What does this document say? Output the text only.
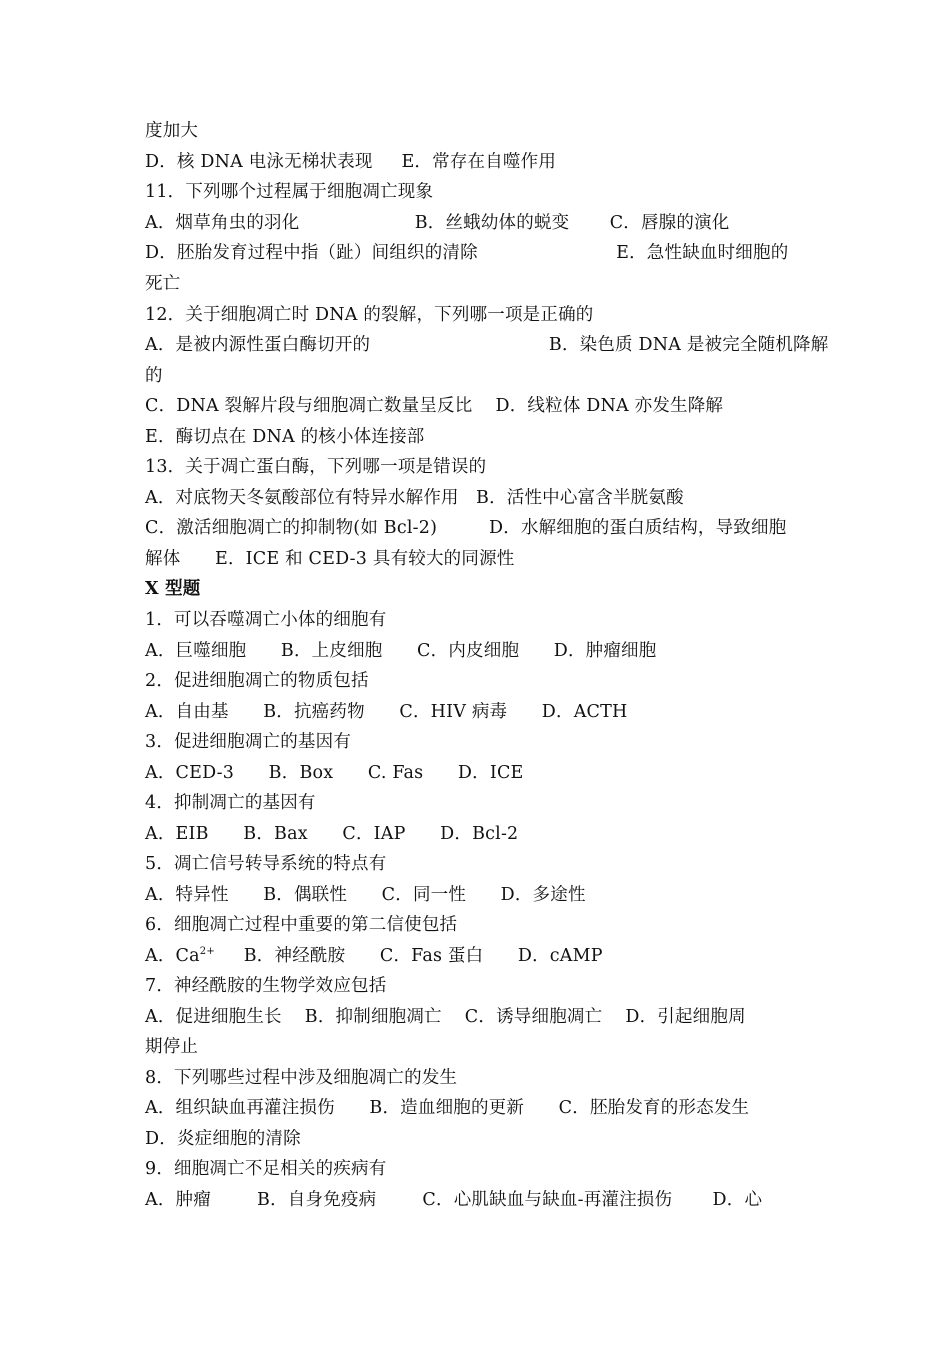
度加大
D．核 DNA 电泳无梯状表现     E．常存在自噬作用
11．下列哪个过程属于细胞凋亡现象
A．烟草角虫的羽化                    B．丝蛾幼体的蜕变       C．唇腺的演化
D．胚胎发育过程中指（趾）间组织的清除                        E．急性缺血时细胞的
死亡
12．关于细胞凋亡时 DNA 的裂解，下列哪一项是正确的
A．是被内源性蛋白酶切开的                               B．染色质 DNA 是被完全随机降解
的
C．DNA 裂解片段与细胞凋亡数量呈反比    D．线粒体 DNA 亦发生降解
E．酶切点在 DNA 的核小体连接部
13．关于凋亡蛋白酶，下列哪一项是错误的
A．对底物天冬氨酸部位有特异水解作用   B．活性中心富含半胱氨酸
C．激活细胞凋亡的抑制物(如 Bcl-2)         D．水解细胞的蛋白质结构，导致细胞
解体      E．ICE 和 CED-3 具有较大的同源性
X 型题
1．可以吞噬凋亡小体的细胞有
A．巨噬细胞      B．上皮细胞      C．内皮细胞      D．肿瘤细胞
2．促进细胞凋亡的物质包括
A．自由基      B．抗癌药物      C．HIV 病毒      D．ACTH
3．促进细胞凋亡的基因有
A．CED-3      B．Box      C. Fas      D．ICE
4．抑制凋亡的基因有
A．EIB      B．Bax      C．IAP      D．Bcl-2
5．凋亡信号转导系统的特点有
A．特异性      B．偶联性      C．同一性      D．多途性
6．细胞凋亡过程中重要的第二信使包括
A．$Ca^{2+}$     B．神经酰胺      C．Fas 蛋白      D．cAMP
7．神经酰胺的生物学效应包括
A．促进细胞生长    B．抑制细胞凋亡    C．诱导细胞凋亡    D．引起细胞周
期停止
8．下列哪些过程中涉及细胞凋亡的发生
A．组织缺血再灌注损伤      B．造血细胞的更新      C．胚胎发育的形态发生
D．炎症细胞的清除
9．细胞凋亡不足相关的疾病有
A．肿瘤        B．自身免疫病        C．心肌缺血与缺血-再灌注损伤       D．心
